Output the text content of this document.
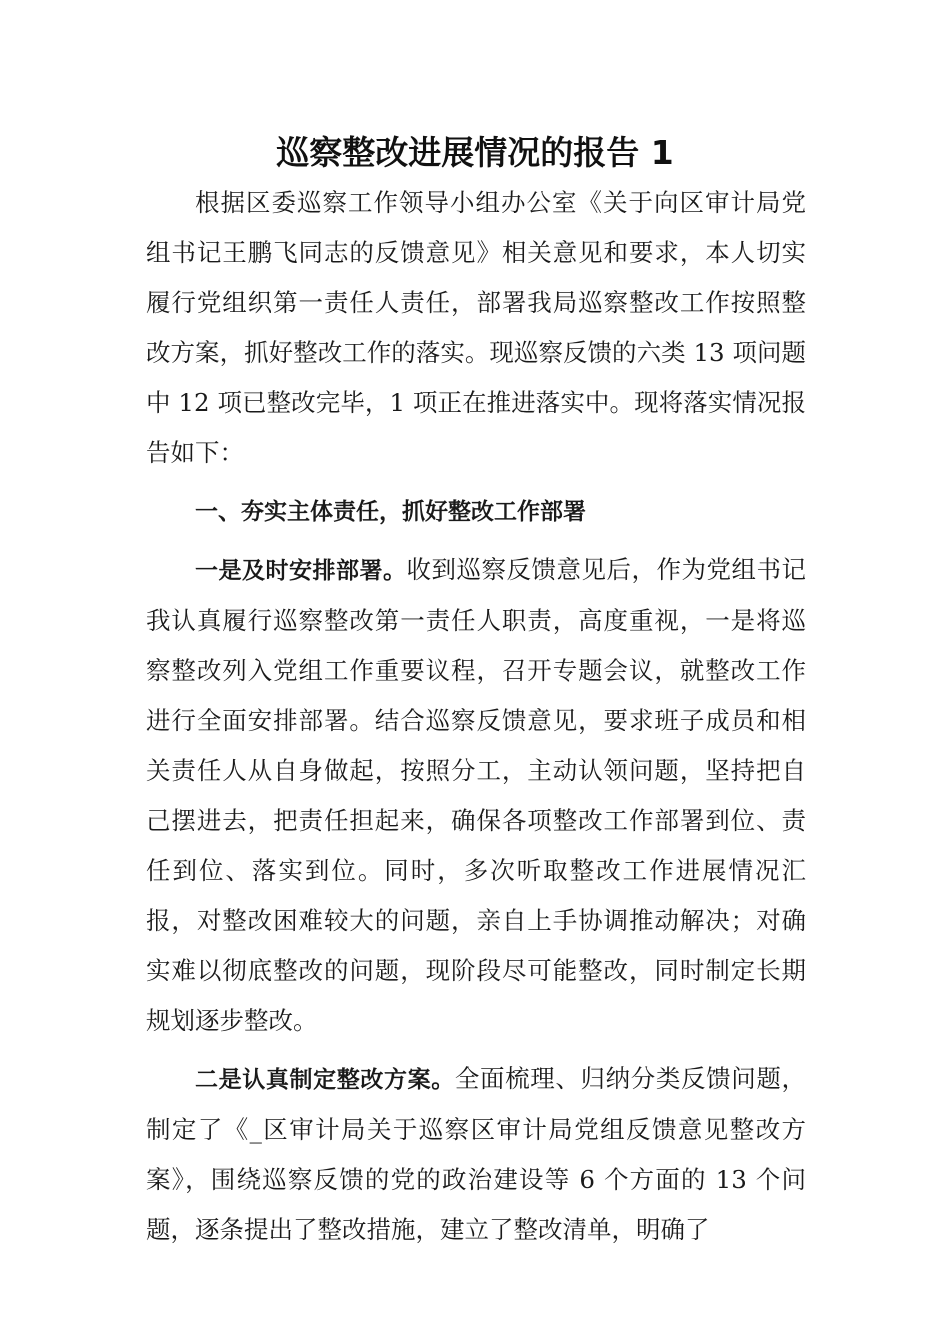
巡察整改进展情况的报告 1

根据区委巡察工作领导小组办公室《关于向区审计局党组书记王鹏飞同志的反馈意见》相关意见和要求，本人切实履行党组织第一责任人责任，部署我局巡察整改工作按照整改方案，抓好整改工作的落实。现巡察反馈的六类 13 项问题中 12 项已整改完毕，1 项正在推进落实中。现将落实情况报告如下：

一、夯实主体责任，抓好整改工作部署

一是及时安排部署。收到巡察反馈意见后，作为党组书记我认真履行巡察整改第一责任人职责，高度重视，一是将巡察整改列入党组工作重要议程，召开专题会议，就整改工作进行全面安排部署。结合巡察反馈意见，要求班子成员和相关责任人从自身做起，按照分工，主动认领问题，坚持把自己摆进去，把责任担起来，确保各项整改工作部署到位、责任到位、落实到位。同时，多次听取整改工作进展情况汇报，对整改困难较大的问题，亲自上手协调推动解决；对确实难以彻底整改的问题，现阶段尽可能整改，同时制定长期规划逐步整改。

二是认真制定整改方案。全面梳理、归纳分类反馈问题，制定了《_区审计局关于巡察区审计局党组反馈意见整改方案》，围绕巡察反馈的党的政治建设等 6 个方面的 13 个问题，逐条提出了整改措施，建立了整改清单，明确了
